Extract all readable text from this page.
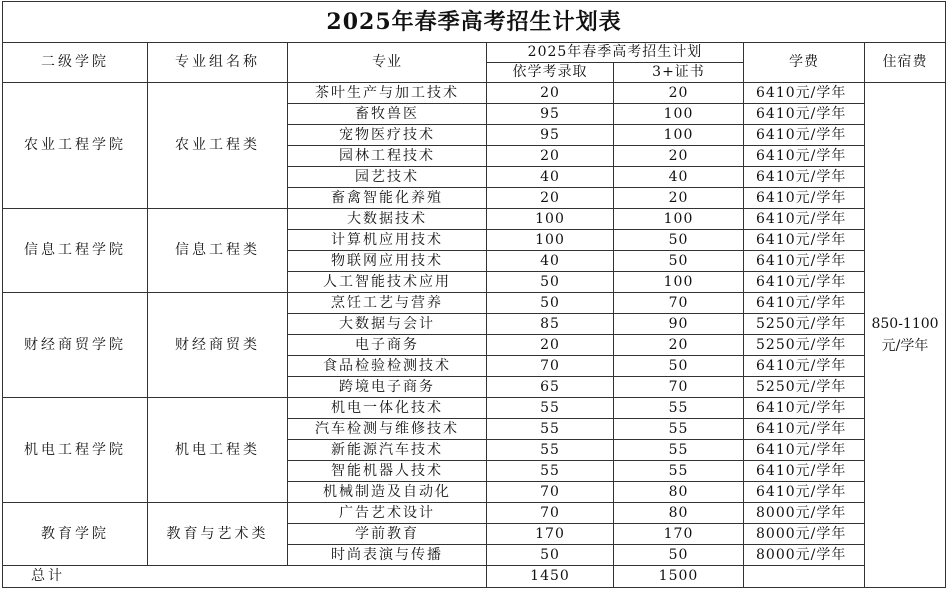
2025年春季高考招生计划表						
二级学院	专业组名称	专业	2025年春季高考招生计划		学费	住宿费
			依学考录取	3+证书		
农业工程学院	农业工程类	茶叶生产与加工技术	20	20	6410元/学年	850-1100元/学年
		畜牧兽医	95	100	6410元/学年	
		宠物医疗技术	95	100	6410元/学年	
		园林工程技术	20	20	6410元/学年	
		园艺技术	40	40	6410元/学年	
		畜禽智能化养殖	20	20	6410元/学年	
信息工程学院	信息工程类	大数据技术	100	100	6410元/学年	
		计算机应用技术	100	50	6410元/学年	
		物联网应用技术	40	50	6410元/学年	
		人工智能技术应用	50	100	6410元/学年	
财经商贸学院	财经商贸类	烹饪工艺与营养	50	70	6410元/学年	
		大数据与会计	85	90	5250元/学年	
		电子商务	20	20	5250元/学年	
		食品检验检测技术	70	50	6410元/学年	
		跨境电子商务	65	70	5250元/学年	
机电工程学院	机电工程类	机电一体化技术	55	55	6410元/学年	
		汽车检测与维修技术	55	55	6410元/学年	
		新能源汽车技术	55	55	6410元/学年	
		智能机器人技术	55	55	6410元/学年	
		机械制造及自动化	70	80	6410元/学年	
教育学院	教育与艺术类	广告艺术设计	70	80	8000元/学年	
		学前教育	170	170	8000元/学年	
		时尚表演与传播	50	50	8000元/学年	
总计			1450	1500		
